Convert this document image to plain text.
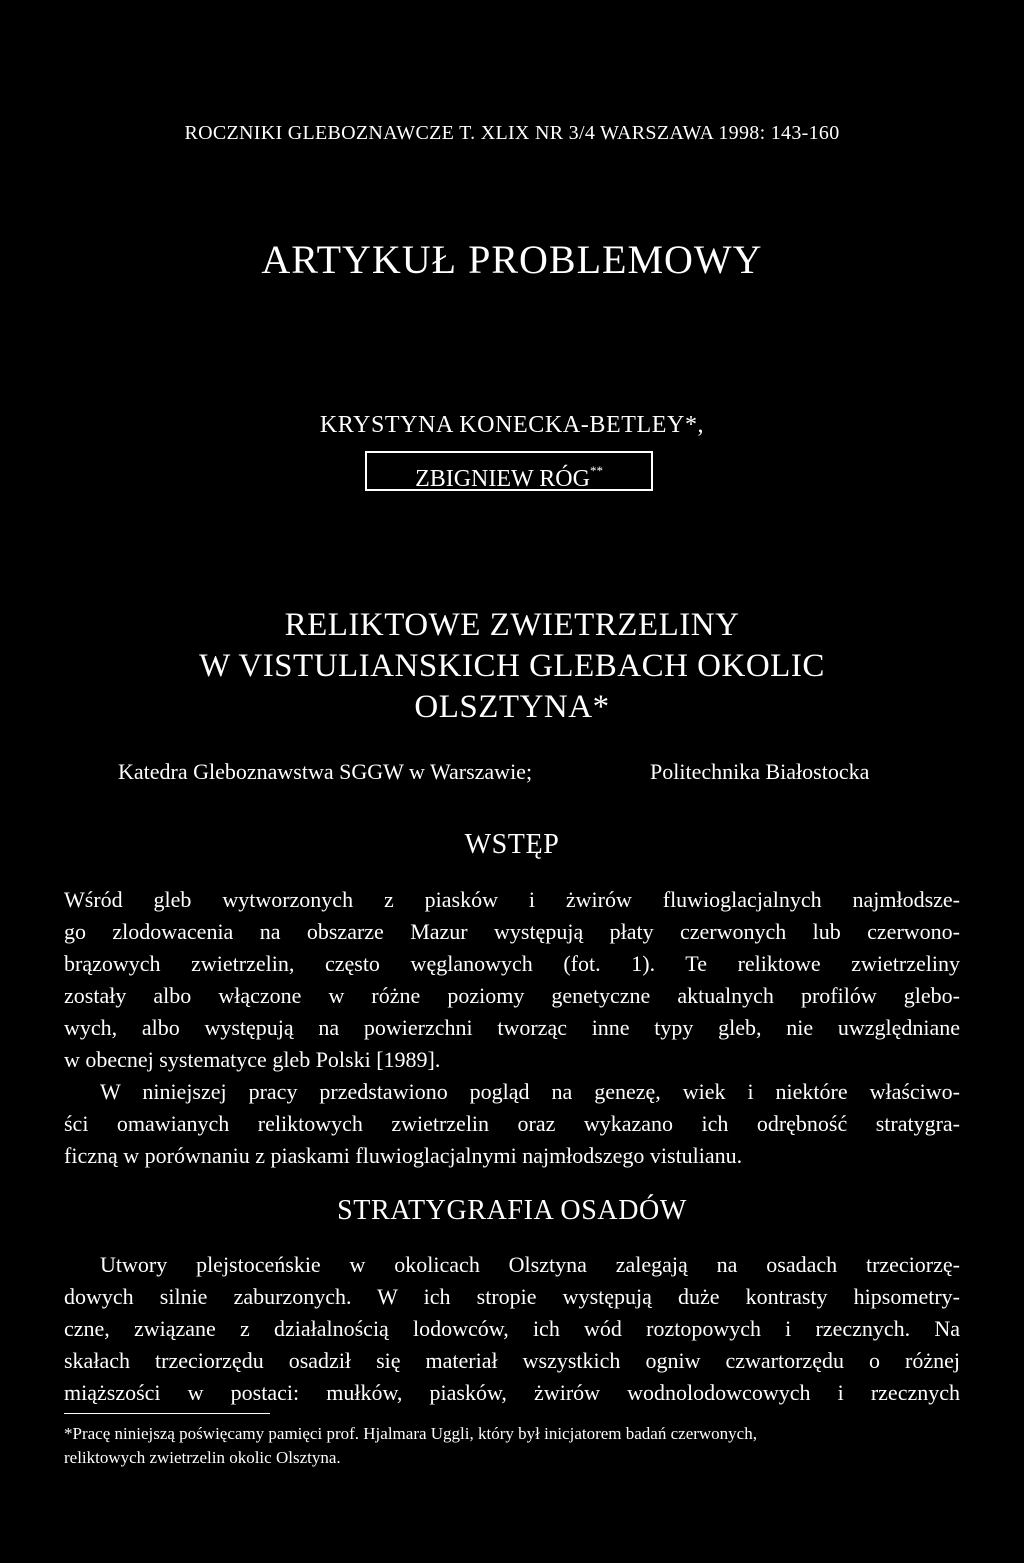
ROCZNIKI GLEBOZNAWCZE T. XLIX NR 3/4 WARSZAWA 1998: 143-160
ARTYKUŁ PROBLEMOWY
KRYSTYNA KONECKA-BETLEY*,
ZBIGNIEW RÓG**
RELIKTOWE ZWIETRZELINY
W VISTULIANSKICH GLEBACH OKOLIC
OLSZTYNA*
Katedra Gleboznawstwa SGGW w Warszawie;	Politechnika Białostocka
WSTĘP
Wśród gleb wytworzonych z piasków i żwirów fluwioglacjalnych najmłodsze-
go zlodowacenia na obszarze Mazur występują płaty czerwonych lub czerwono-
brązowych zwietrzelin, często węglanowych (fot. 1). Te reliktowe zwietrzeliny
zostały albo włączone w różne poziomy genetyczne aktualnych profilów glebo-
wych, albo występują na powierzchni tworząc inne typy gleb, nie uwzględniane
w obecnej systematyce gleb Polski [1989].
W niniejszej pracy przedstawiono pogląd na genezę, wiek i niektóre właściwo-
ści omawianych reliktowych zwietrzelin oraz wykazano ich odrębność stratygra-
ficzną w porównaniu z piaskami fluwioglacjalnymi najmłodszego vistulianu.
STRATYGRAFIA OSADÓW
Utwory plejstoceńskie w okolicach Olsztyna zalegają na osadach trzeciorzę-
dowych silnie zaburzonych. W ich stropie występują duże kontrasty hipsometry-
czne, związane z działalnością lodowców, ich wód roztopowych i rzecznych. Na
skałach trzeciorzędu osadził się materiał wszystkich ogniw czwartorzędu o różnej
miąższości w postaci: mułków, piasków, żwirów wodnolodowcowych i rzecznych
*Pracę niniejszą poświęcamy pamięci prof. Hjalmara Uggli, który był inicjatorem badań czerwonych,
reliktowych zwietrzelin okolic Olsztyna.
